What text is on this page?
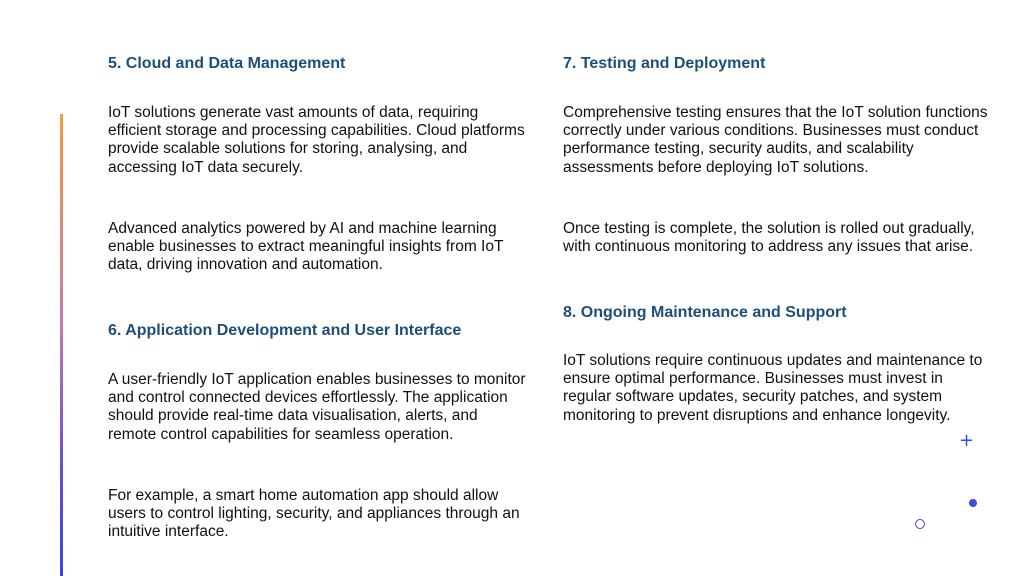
5. Cloud and Data Management

IoT solutions generate vast amounts of data, requiring efficient storage and processing capabilities. Cloud platforms provide scalable solutions for storing, analysing, and accessing IoT data securely.

Advanced analytics powered by AI and machine learning enable businesses to extract meaningful insights from IoT data, driving innovation and automation.

6. Application Development and User Interface

A user-friendly IoT application enables businesses to monitor and control connected devices effortlessly. The application should provide real-time data visualisation, alerts, and remote control capabilities for seamless operation.

For example, a smart home automation app should allow users to control lighting, security, and appliances through an intuitive interface.

7. Testing and Deployment

Comprehensive testing ensures that the IoT solution functions correctly under various conditions. Businesses must conduct performance testing, security audits, and scalability assessments before deploying IoT solutions.

Once testing is complete, the solution is rolled out gradually, with continuous monitoring to address any issues that arise.

8. Ongoing Maintenance and Support

IoT solutions require continuous updates and maintenance to ensure optimal performance. Businesses must invest in regular software updates, security patches, and system monitoring to prevent disruptions and enhance longevity.

+
